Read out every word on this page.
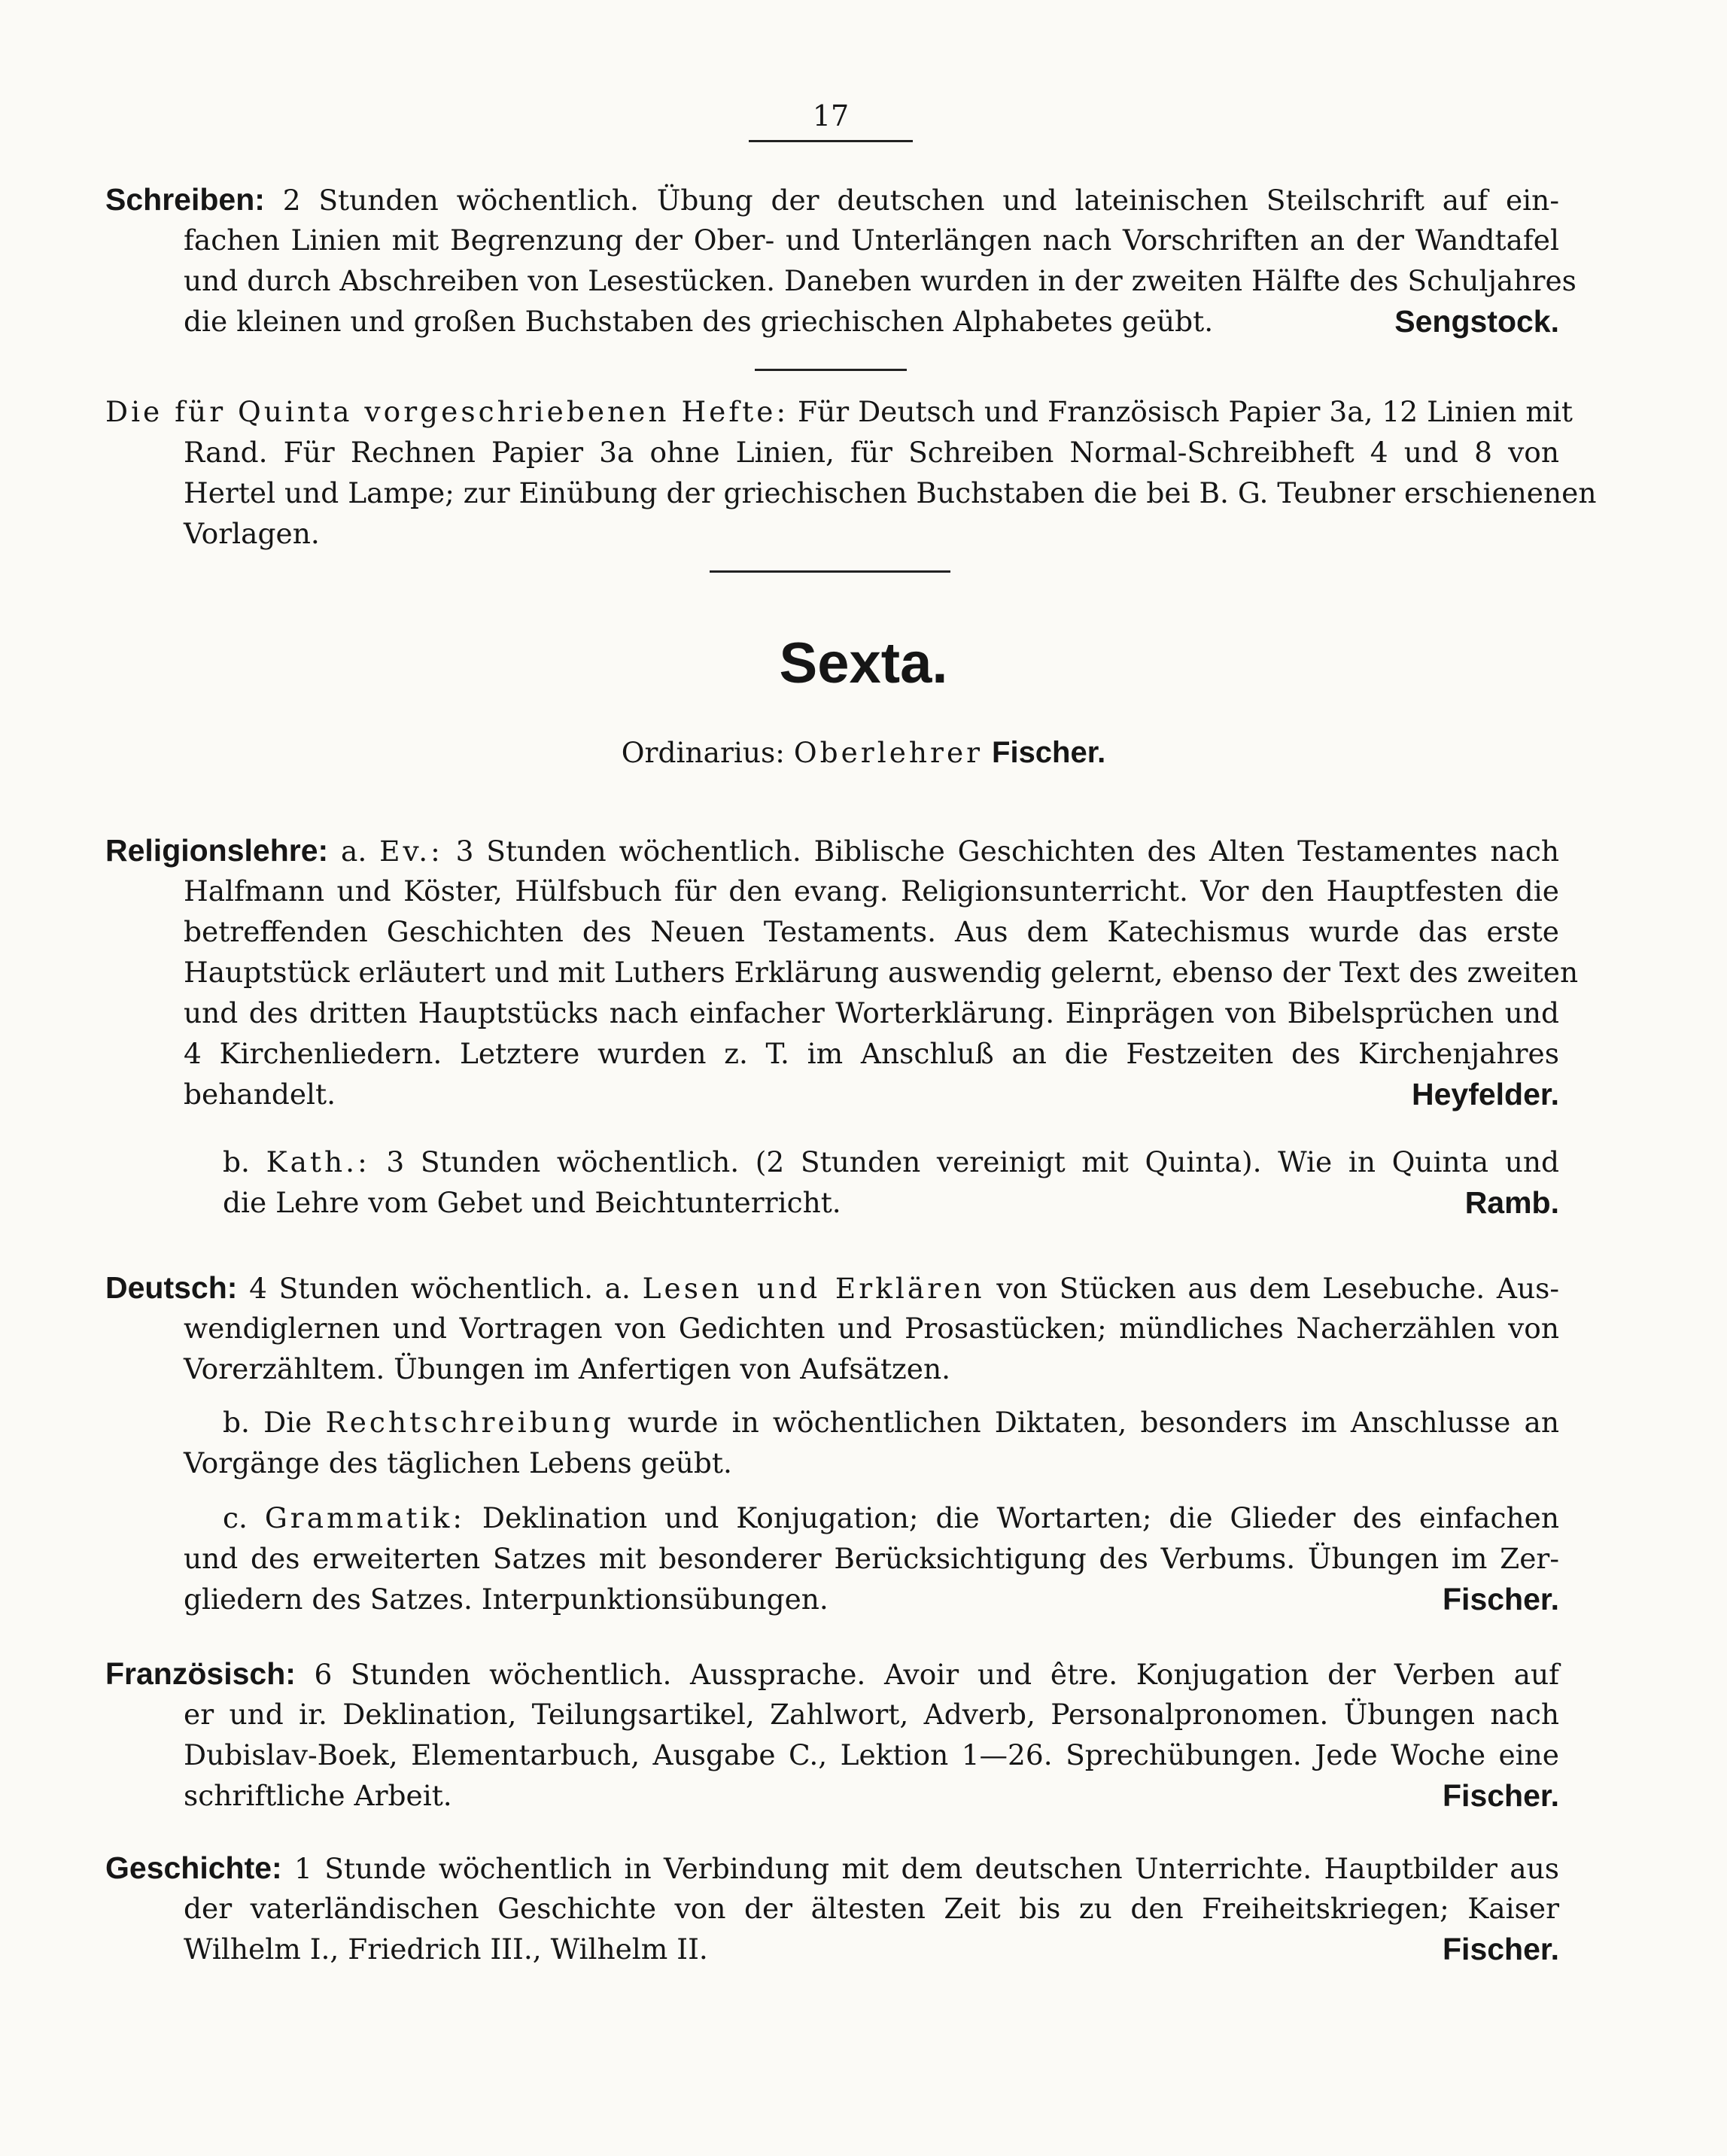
17
Schreiben: 2 Stunden wöchentlich. Übung der deutschen und lateinischen Steilschrift auf ein-
fachen Linien mit Begrenzung der Ober- und Unterlängen nach Vorschriften an der Wandtafel
und durch Abschreiben von Lesestücken. Daneben wurden in der zweiten Hälfte des Schuljahres
die kleinen und großen Buchstaben des griechischen Alphabetes geübt.	Sengstock.
Die für Quinta vorgeschriebenen Hefte: Für Deutsch und Französisch Papier 3a, 12 Linien mit
Rand. Für Rechnen Papier 3a ohne Linien, für Schreiben Normal-Schreibheft 4 und 8 von
Hertel und Lampe; zur Einübung der griechischen Buchstaben die bei B. G. Teubner erschienenen
Vorlagen.
Sexta.
Ordinarius: Oberlehrer Fischer.
Religionslehre: a. Ev.: 3 Stunden wöchentlich. Biblische Geschichten des Alten Testamentes nach
Halfmann und Köster, Hülfsbuch für den evang. Religionsunterricht. Vor den Hauptfesten die
betreffenden Geschichten des Neuen Testaments. Aus dem Katechismus wurde das erste
Hauptstück erläutert und mit Luthers Erklärung auswendig gelernt, ebenso der Text des zweiten
und des dritten Hauptstücks nach einfacher Worterklärung. Einprägen von Bibelsprüchen und
4 Kirchenliedern. Letztere wurden z. T. im Anschluß an die Festzeiten des Kirchenjahres
behandelt.	Heyfelder.
b. Kath.: 3 Stunden wöchentlich. (2 Stunden vereinigt mit Quinta). Wie in Quinta und
die Lehre vom Gebet und Beichtunterricht.	Ramb.
Deutsch: 4 Stunden wöchentlich. a. Lesen und Erklären von Stücken aus dem Lesebuche. Aus-
wendiglernen und Vortragen von Gedichten und Prosastücken; mündliches Nacherzählen von
Vorerzähltem. Übungen im Anfertigen von Aufsätzen.
b. Die Rechtschreibung wurde in wöchentlichen Diktaten, besonders im Anschlusse an
Vorgänge des täglichen Lebens geübt.
c. Grammatik: Deklination und Konjugation; die Wortarten; die Glieder des einfachen
und des erweiterten Satzes mit besonderer Berücksichtigung des Verbums. Übungen im Zer-
gliedern des Satzes. Interpunktionsübungen.	Fischer.
Französisch: 6 Stunden wöchentlich. Aussprache. Avoir und être. Konjugation der Verben auf
er und ir. Deklination, Teilungsartikel, Zahlwort, Adverb, Personalpronomen. Übungen nach
Dubislav-Boek, Elementarbuch, Ausgabe C., Lektion 1—26. Sprechübungen. Jede Woche eine
schriftliche Arbeit.	Fischer.
Geschichte: 1 Stunde wöchentlich in Verbindung mit dem deutschen Unterrichte. Hauptbilder aus
der vaterländischen Geschichte von der ältesten Zeit bis zu den Freiheitskriegen; Kaiser
Wilhelm I., Friedrich III., Wilhelm II.	Fischer.
